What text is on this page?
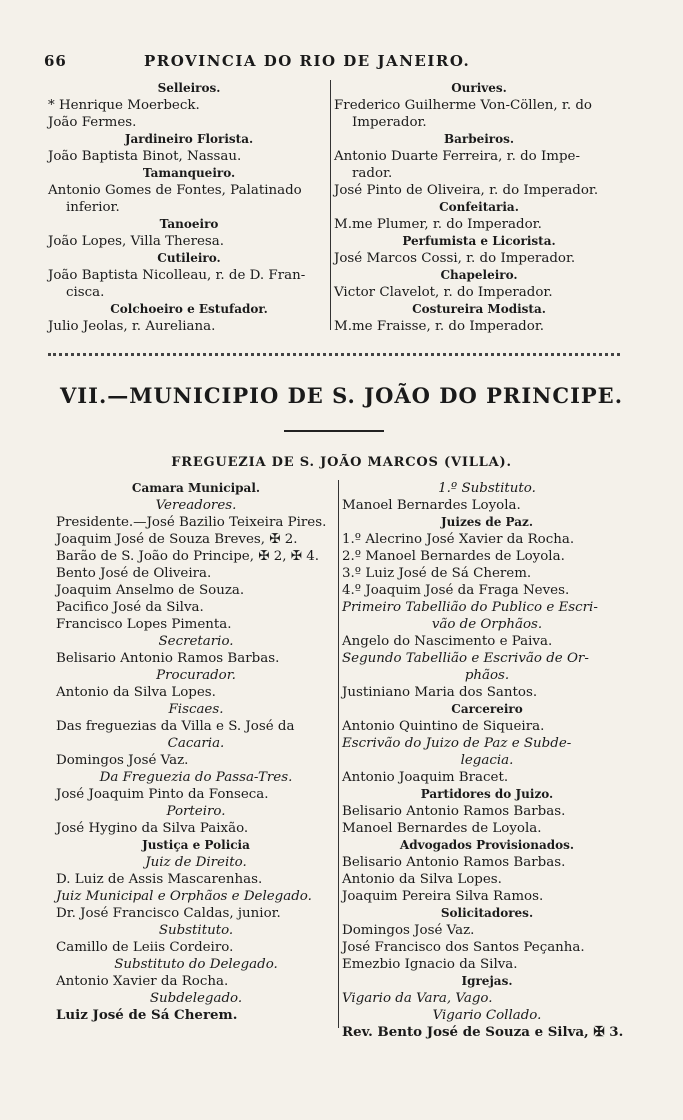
66	PROVINCIA DO RIO DE JANEIRO.

Selleiros.

* Henrique Moerbeck.

João Fermes.

Jardineiro Florista.

João Baptista Binot, Nassau.

Tamanqueiro.

Antonio Gomes de Fontes, Palatinado

inferior.

Tanoeiro

João Lopes, Villa Theresa.

Cutileiro.

João Baptista Nicolleau, r. de D. Fran-

cisca.

Colchoeiro e Estufador.

Julio Jeolas, r. Aureliana.

Ourives.

Frederico Guilherme Von-Cöllen, r. do

Imperador.

Barbeiros.

Antonio Duarte Ferreira, r. do Impe-

rador.

José Pinto de Oliveira, r. do Imperador.

Confeitaria.

M.me Plumer, r. do Imperador.

Perfumista e Licorista.

José Marcos Cossi, r. do Imperador.

Chapeleiro.

Victor Clavelot, r. do Imperador.

Costureira Modista.

M.me Fraisse, r. do Imperador.

VII.—MUNICIPIO DE S. JOÃO DO PRINCIPE.
FREGUEZIA DE S. JOÃO MARCOS (VILLA).

Camara Municipal.

Vereadores.

Presidente.—José Bazilio Teixeira Pires.

Joaquim José de Souza Breves, ✠ 2.

Barão de S. João do Principe, ✠ 2, ✠ 4.

Bento José de Oliveira.

Joaquim Anselmo de Souza.

Pacifico José da Silva.

Francisco Lopes Pimenta.

Secretario.

Belisario Antonio Ramos Barbas.

Procurador.

Antonio da Silva Lopes.

Fiscaes.

Das freguezias da Villa e S. José da

Cacaria.

Domingos José Vaz.

Da Freguezia do Passa-Tres.

José Joaquim Pinto da Fonseca.

Porteiro.

José Hygino da Silva Paixão.

Justiça e Policia

Juiz de Direito.

D. Luiz de Assis Mascarenhas.

Juiz Municipal e Orphãos e Delegado.

Dr. José Francisco Caldas, junior.

Substituto.

Camillo de Leiis Cordeiro.

Substituto do Delegado.

Antonio Xavier da Rocha.

Subdelegado.

Luiz José de Sá Cherem.

1.º Substituto.

Manoel Bernardes Loyola.

Juizes de Paz.

1.º Alecrino José Xavier da Rocha.

2.º Manoel Bernardes de Loyola.

3.º Luiz José de Sá Cherem.

4.º Joaquim José da Fraga Neves.

Primeiro Tabellião do Publico e Escri-

vão de Orphãos.

Angelo do Nascimento e Paiva.

Segundo Tabellião e Escrivão de Or-

phãos.

Justiniano Maria dos Santos.

Carcereiro

Antonio Quintino de Siqueira.

Escrivão do Juizo de Paz e Subde-

legacia.

Antonio Joaquim Bracet.

Partidores do Juizo.

Belisario Antonio Ramos Barbas.

Manoel Bernardes de Loyola.

Advogados Provisionados.

Belisario Antonio Ramos Barbas.

Antonio da Silva Lopes.

Joaquim Pereira Silva Ramos.

Solicitadores.

Domingos José Vaz.

José Francisco dos Santos Peçanha.

Emezbio Ignacio da Silva.

Igrejas.

Vigario da Vara, Vago.

Vigario Collado.

Rev. Bento José de Souza e Silva, ✠ 3.
